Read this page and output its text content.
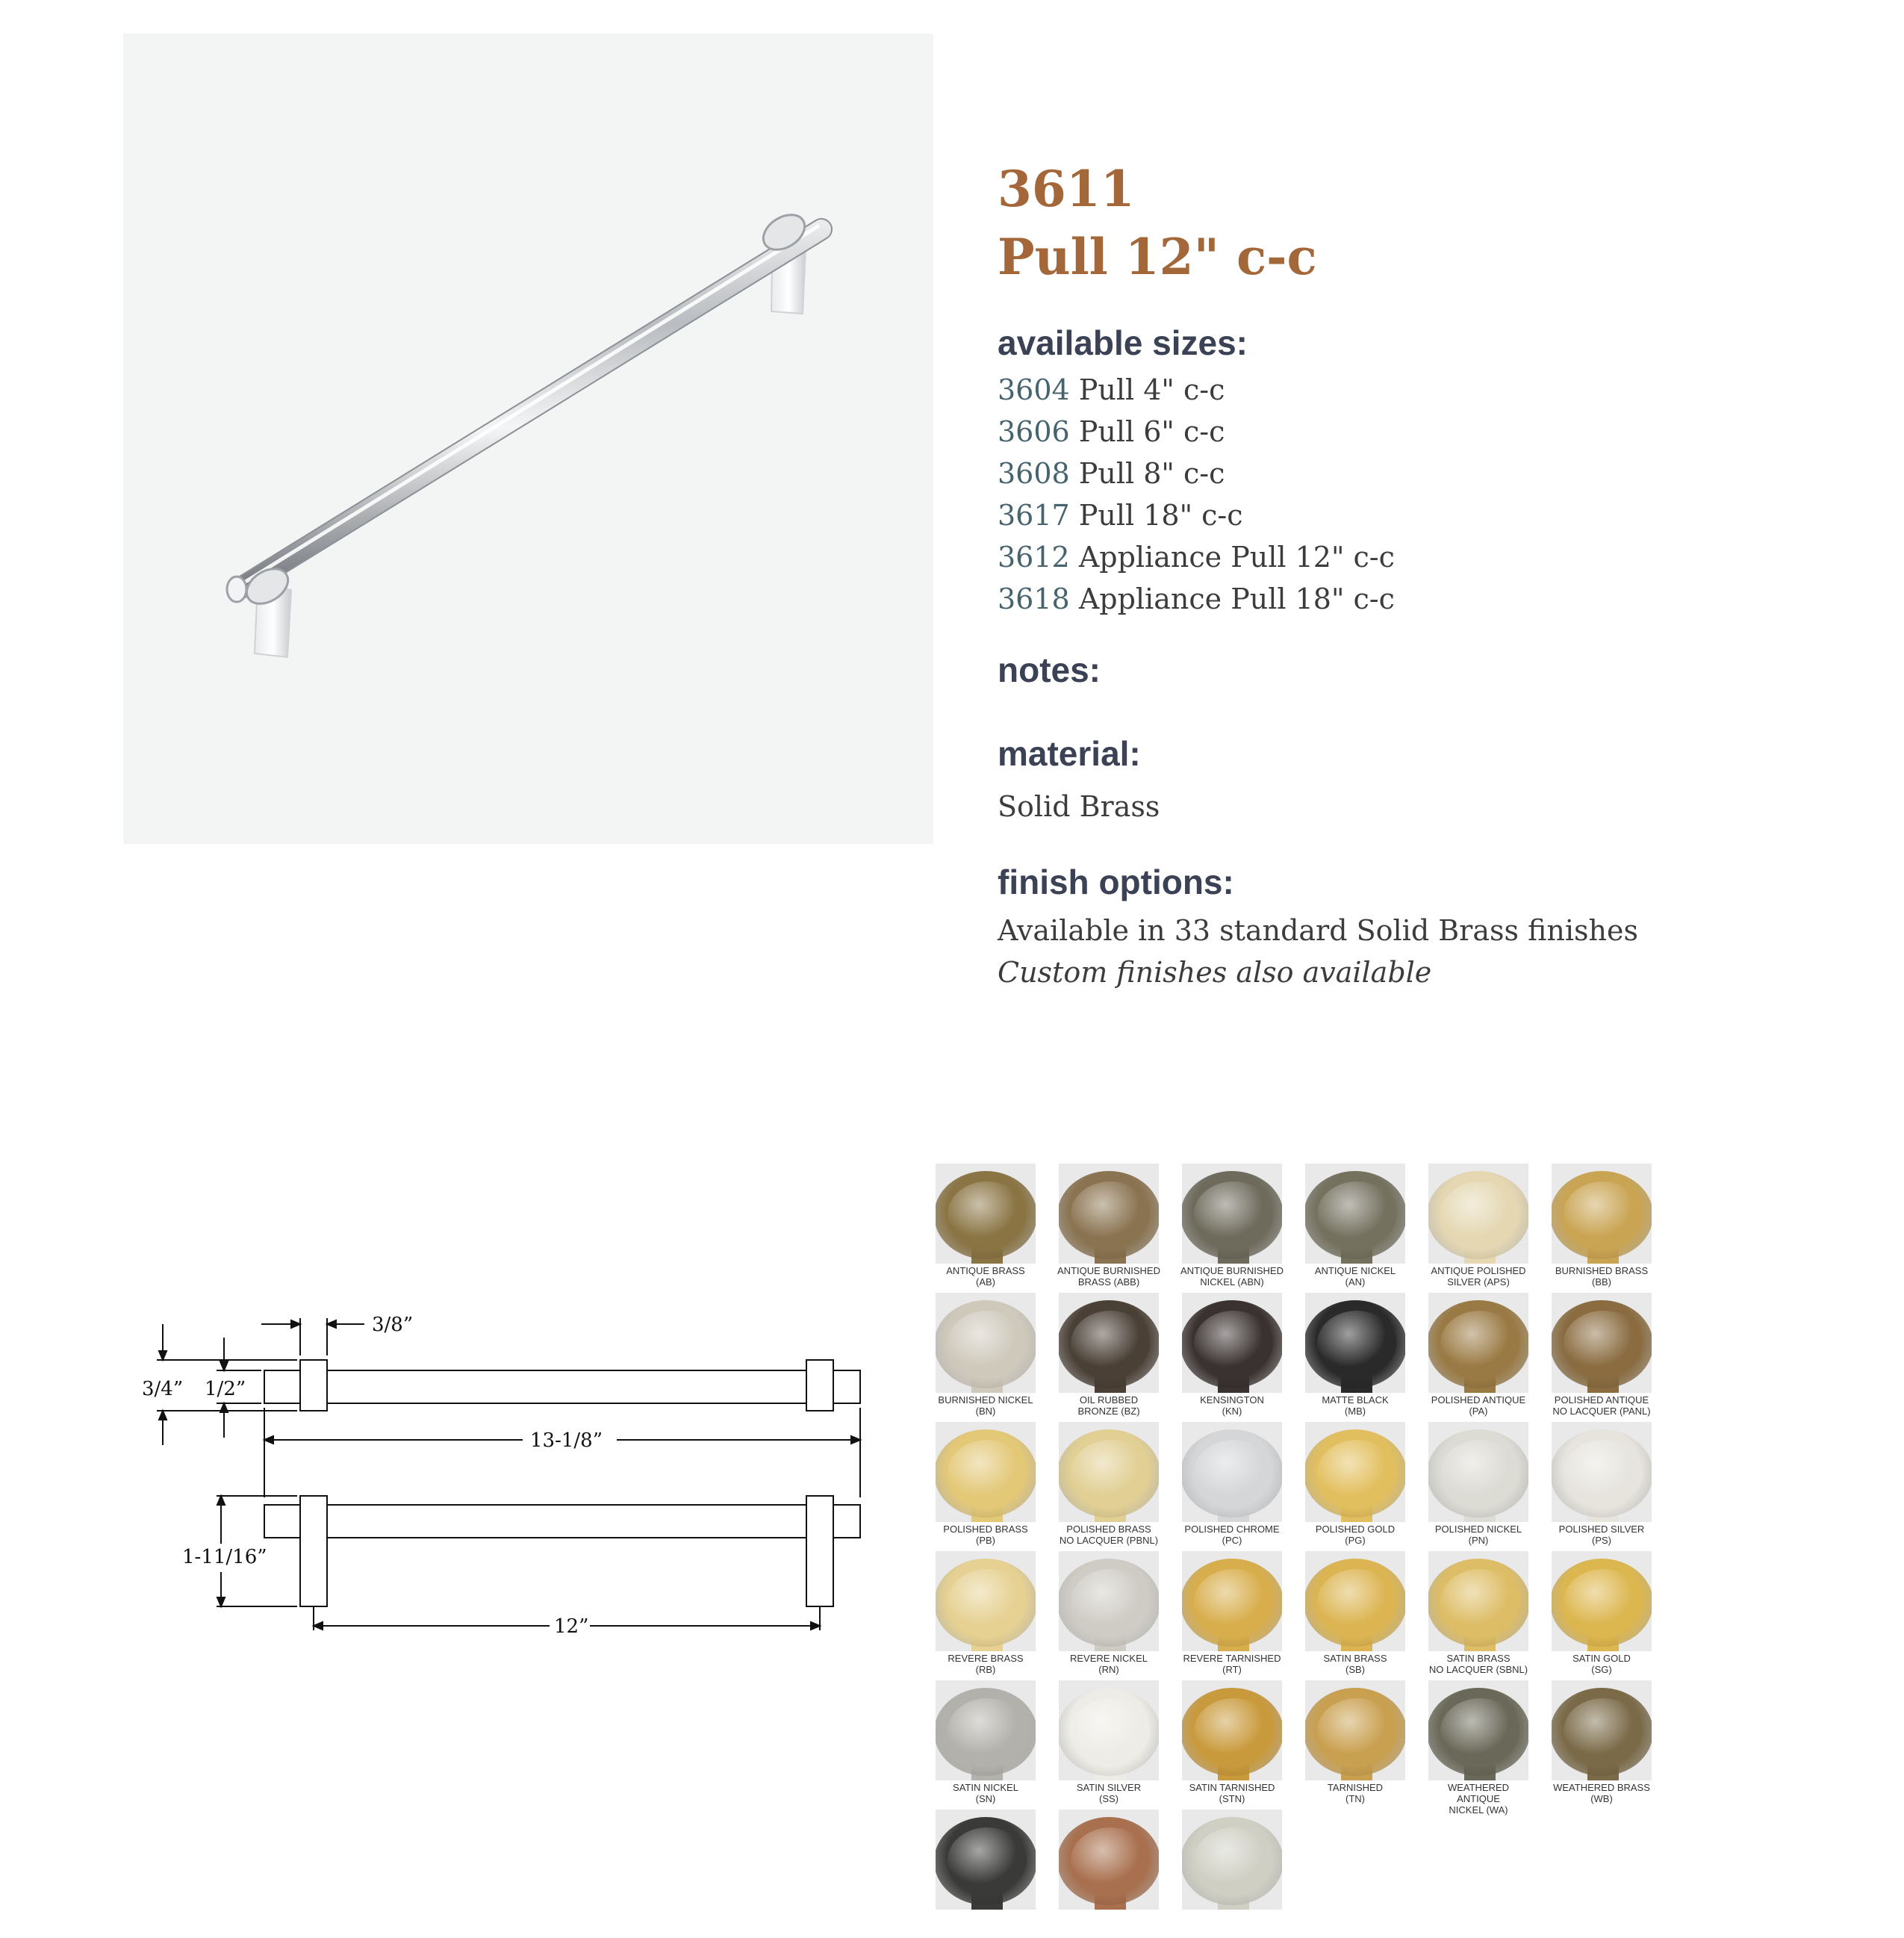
3611

Pull 12" c-c

available sizes:

3604 Pull 4" c-c

3606 Pull 6" c-c

3608 Pull 8" c-c

3617 Pull 18" c-c

3612 Appliance Pull 12" c-c

3618 Appliance Pull 18" c-c

notes:

material:

Solid Brass

finish options:

Available in 33 standard Solid Brass finishes

Custom finishes also available

3/8”
3/4” 1/2”
13-1/8”
1-11/16”
12”
ANTIQUE BRASS
(AB)
ANTIQUE BURNISHED
BRASS (ABB)
ANTIQUE BURNISHED
NICKEL (ABN)
ANTIQUE NICKEL
(AN)
ANTIQUE POLISHED
SILVER (APS)
BURNISHED BRASS
(BB)
BURNISHED NICKEL
(BN)
OIL RUBBED
BRONZE (BZ)
KENSINGTON
(KN)
MATTE BLACK
(MB)
POLISHED ANTIQUE
(PA)
POLISHED ANTIQUE
NO LACQUER (PANL)
POLISHED BRASS
(PB)
POLISHED BRASS
NO LACQUER (PBNL)
POLISHED CHROME
(PC)
POLISHED GOLD
(PG)
POLISHED NICKEL
(PN)
POLISHED SILVER
(PS)
REVERE BRASS
(RB)
REVERE NICKEL
(RN)
REVERE TARNISHED
(RT)
SATIN BRASS
(SB)
SATIN BRASS
NO LACQUER (SBNL)
SATIN GOLD
(SG)
SATIN NICKEL
(SN)
SATIN SILVER
(SS)
SATIN TARNISHED
(STN)
TARNISHED
(TN)
WEATHERED ANTIQUE
NICKEL (WA)
WEATHERED BRASS
(WB)
